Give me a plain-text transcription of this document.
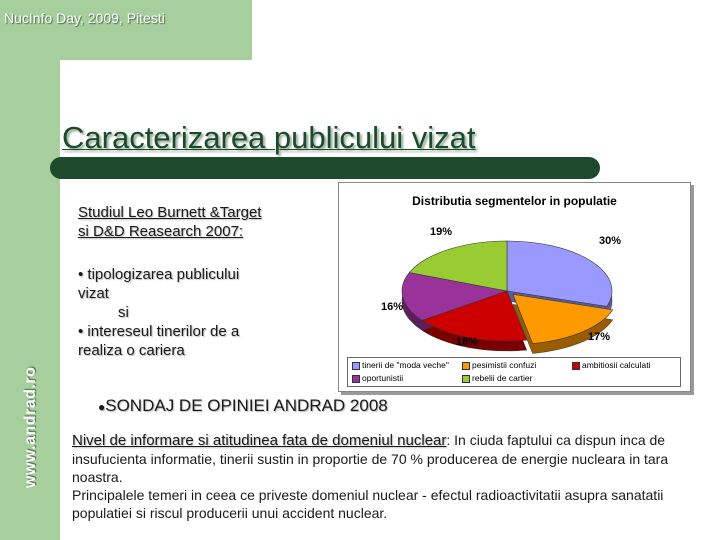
NucInfo Day, 2009, Pitesti
www.andrad.ro
Caracterizarea publicului vizat
Studiul Leo Burnett &Target
si D&D Reasearch 2007:
• tipologizarea publicului
vizat
si
• intereseul tinerilor de a
realiza o cariera
Distributia segmentelor in populatie
19%
30%
16%
17%
18%
tinerii de "moda veche"	pesimistii confuzi	ambitiosii calculati
oportunistii	rebelii de cartier
●SONDAJ DE OPINIEI ANDRAD 2008

Nivel de informare si atitudinea fata de domeniul nuclear: In ciuda faptului ca dispun inca de insufucienta informatie, tinerii sustin in proportie de 70 % producerea de energie nucleara in tara noastra.

Principalele temeri in ceea ce priveste domeniul nuclear - efectul radioactivitatii asupra sanatatii populatiei si riscul producerii unui accident nuclear.
